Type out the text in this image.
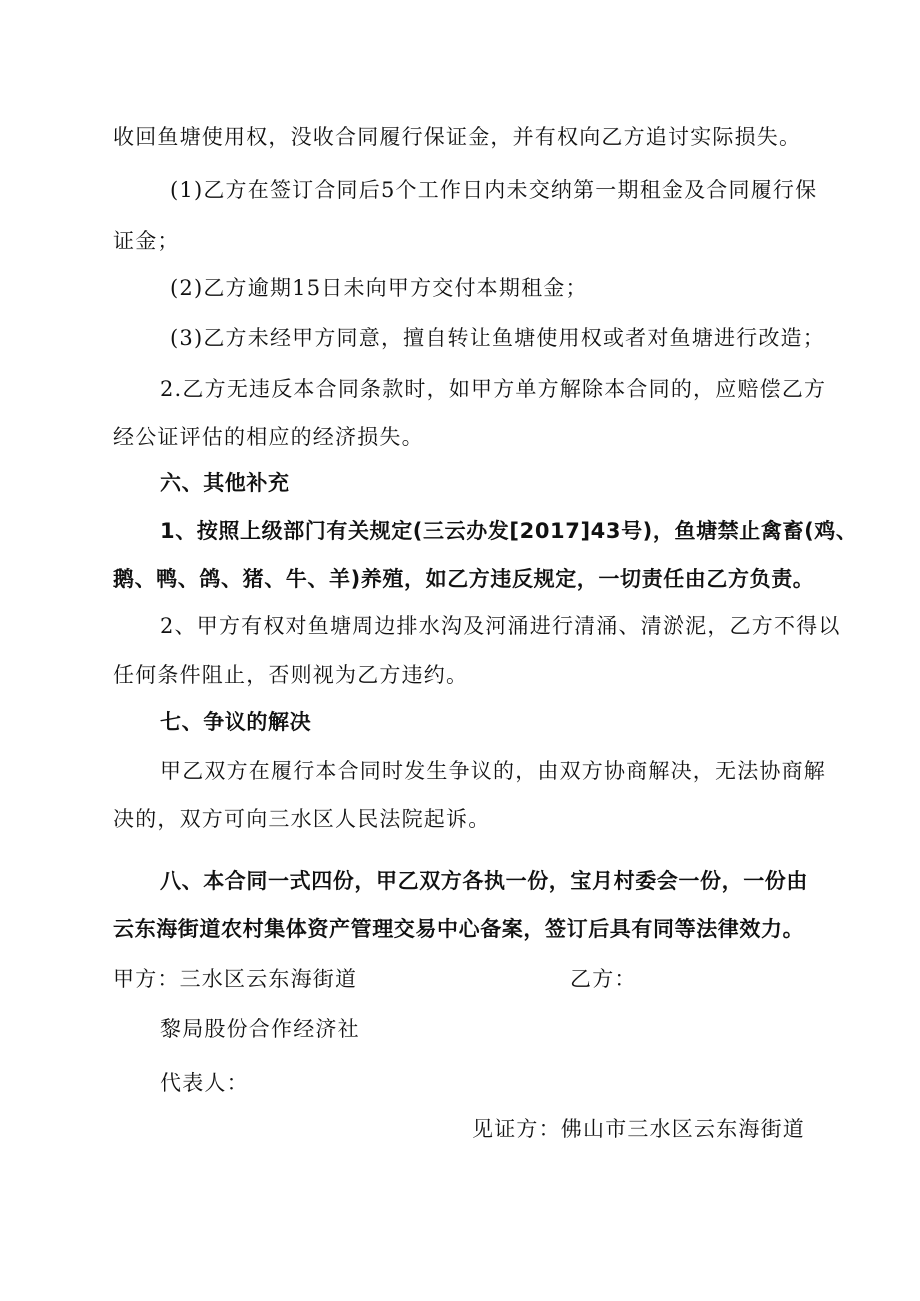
收回鱼塘使用权，没收合同履行保证金，并有权向乙方追讨实际损失。

(1)乙方在签订合同后5个工作日内未交纳第一期租金及合同履行保

证金；

(2)乙方逾期15日未向甲方交付本期租金；

(3)乙方未经甲方同意，擅自转让鱼塘使用权或者对鱼塘进行改造；

2.乙方无违反本合同条款时，如甲方单方解除本合同的，应赔偿乙方

经公证评估的相应的经济损失。

六、其他补充

1、按照上级部门有关规定(三云办发[2017]43号)，鱼塘禁止禽畜(鸡、

鹅、鸭、鸽、猪、牛、羊)养殖，如乙方违反规定，一切责任由乙方负责。

2、甲方有权对鱼塘周边排水沟及河涌进行清涌、清淤泥，乙方不得以

任何条件阻止，否则视为乙方违约。

七、争议的解决

甲乙双方在履行本合同时发生争议的，由双方协商解决，无法协商解

决的，双方可向三水区人民法院起诉。

八、本合同一式四份，甲乙双方各执一份，宝月村委会一份，一份由

云东海街道农村集体资产管理交易中心备案，签订后具有同等法律效力。

甲方：三水区云东海街道	乙方：

黎局股份合作经济社

代表人：

见证方：佛山市三水区云东海街道
